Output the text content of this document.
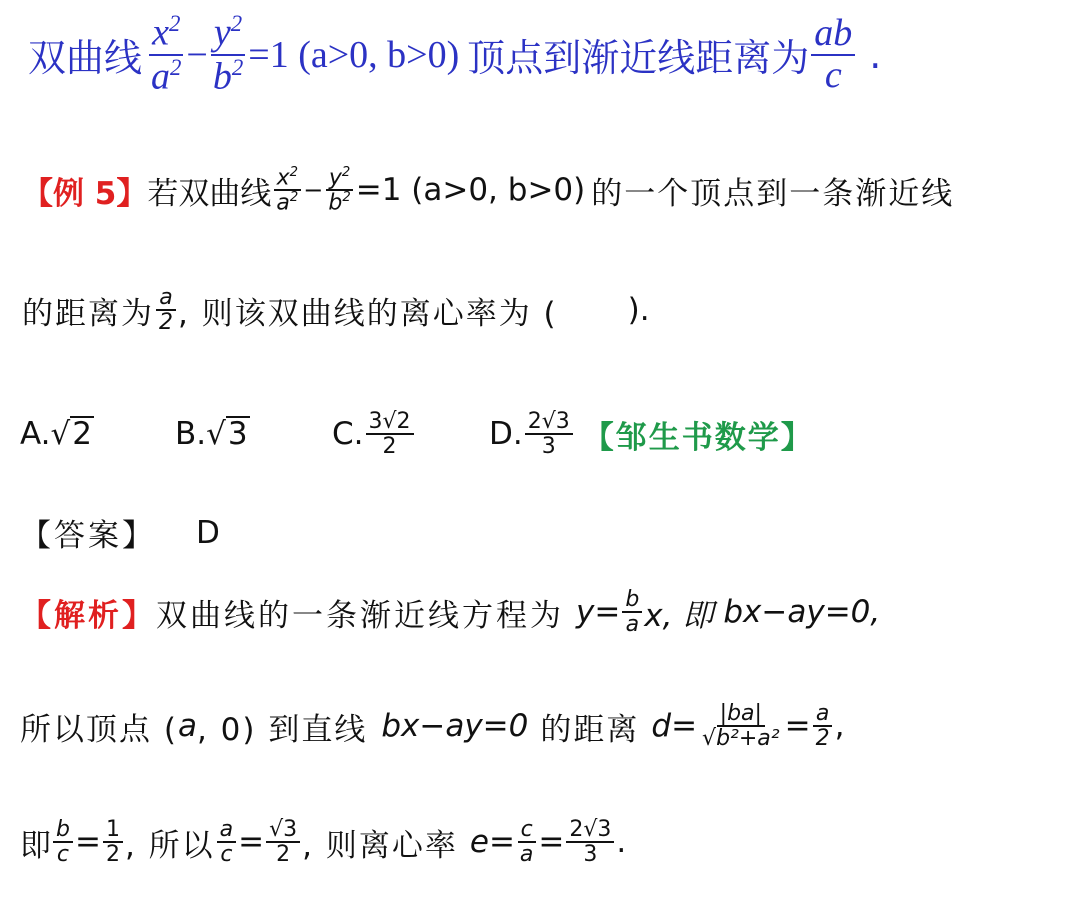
双曲线 $\frac{x^2}{a^2} - \frac{y^2}{b^2} =1$ (a>0, b>0) 顶点到渐近线距离为 $\frac{ab}{c}$ .
【例 5】 若双曲线 $\frac{x^2}{a^2} - \frac{y^2}{b^2} =1$ (a>0, b>0) 的一个顶点到一条渐近线
的距离为 $\frac{a}{2}$ , 则该双曲线的离心率为 ( ).
A. √ 2	B. √ 3	C. $\frac{3√2}{2} D$. $\frac{2√3}{3}$ 【邹生书数学】
【答案】 D
【解析】 双曲线的一条渐近线方程为 $y= \frac{b}{a} x$, 即 bx−ay=0,
所以顶点 ( a , 0) 到直线 bx−ay=0 的距离 $d= \frac{|ba|}{\text{√b²+a²}} = \frac{a}{2}$ ,
即 $\frac{b}{c} = \frac{1}{2}$ , 所以 $\frac{a}{c} = \frac{√3}{2}$ , 则离心率 $e= \frac{c}{a} = \frac{2√3}{3}$ .
